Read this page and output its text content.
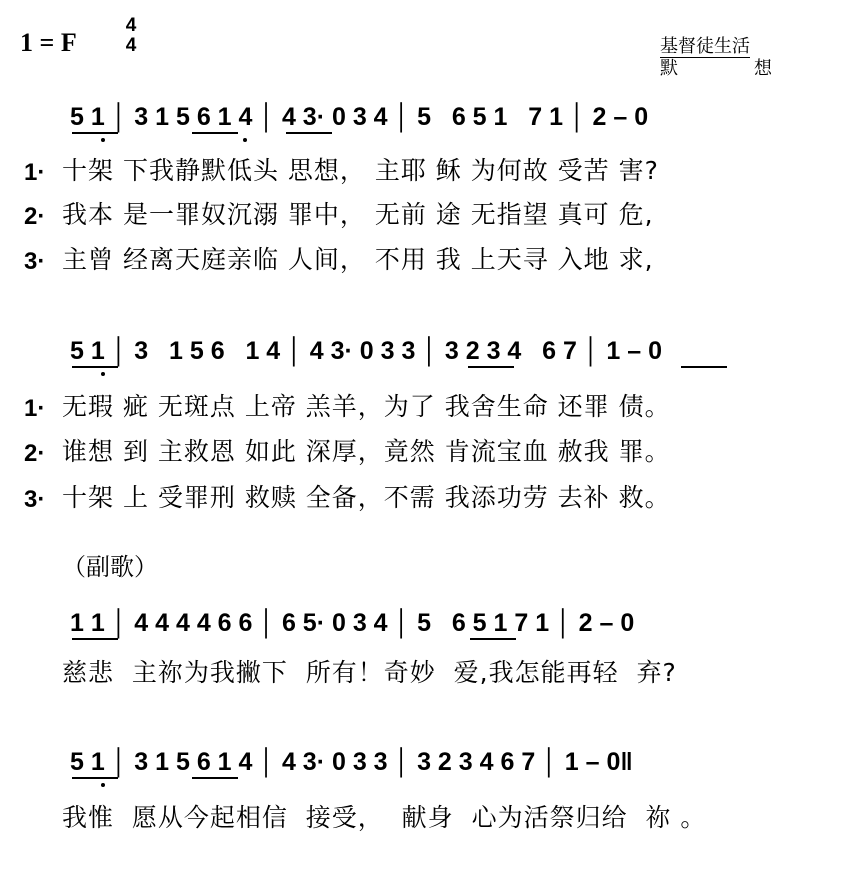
1 = F
4
4	基督徒生活
默	想
5 1 │ 3 1 5 6 1 4 │ 4 3· 0 3 4 │ 5   6 5 1   7 1 │ 2 – 0
1· 十架 下我静默低头 思想， 主耶 稣 为何故 受苦 害?
2· 我本 是一罪奴沉溺 罪中， 无前 途 无指望 真可 危,
3· 主曾 经离天庭亲临 人间， 不用 我 上天寻 入地 求,
5 1 │ 3   1 5 6   1 4 │ 4 3· 0 3 3 │ 3 2 3 4   6 7 │ 1 – 0
1· 无瑕 疵 无斑点 上帝 羔羊，为了 我舍生命 还罪 债。
2· 谁想 到 主救恩 如此 深厚，竟然 肯流宝血 赦我 罪。
3· 十架 上 受罪刑 救赎 全备，不需 我添功劳 去补 救。
（副歌）
1 1 │ 4 4 4 4 6 6 │ 6 5· 0 3 4 │ 5   6 5 1 7 1 │ 2 – 0
慈悲  主祢为我撇下  所有！奇妙  爱,我怎能再轻  弃?
5 1 │ 3 1 5 6 1 4 │ 4 3· 0 3 3 │ 3 2 3 4 6 7 │ 1 – 0‖
我惟  愿从今起相信  接受，  献身  心为活祭归给  祢 。
